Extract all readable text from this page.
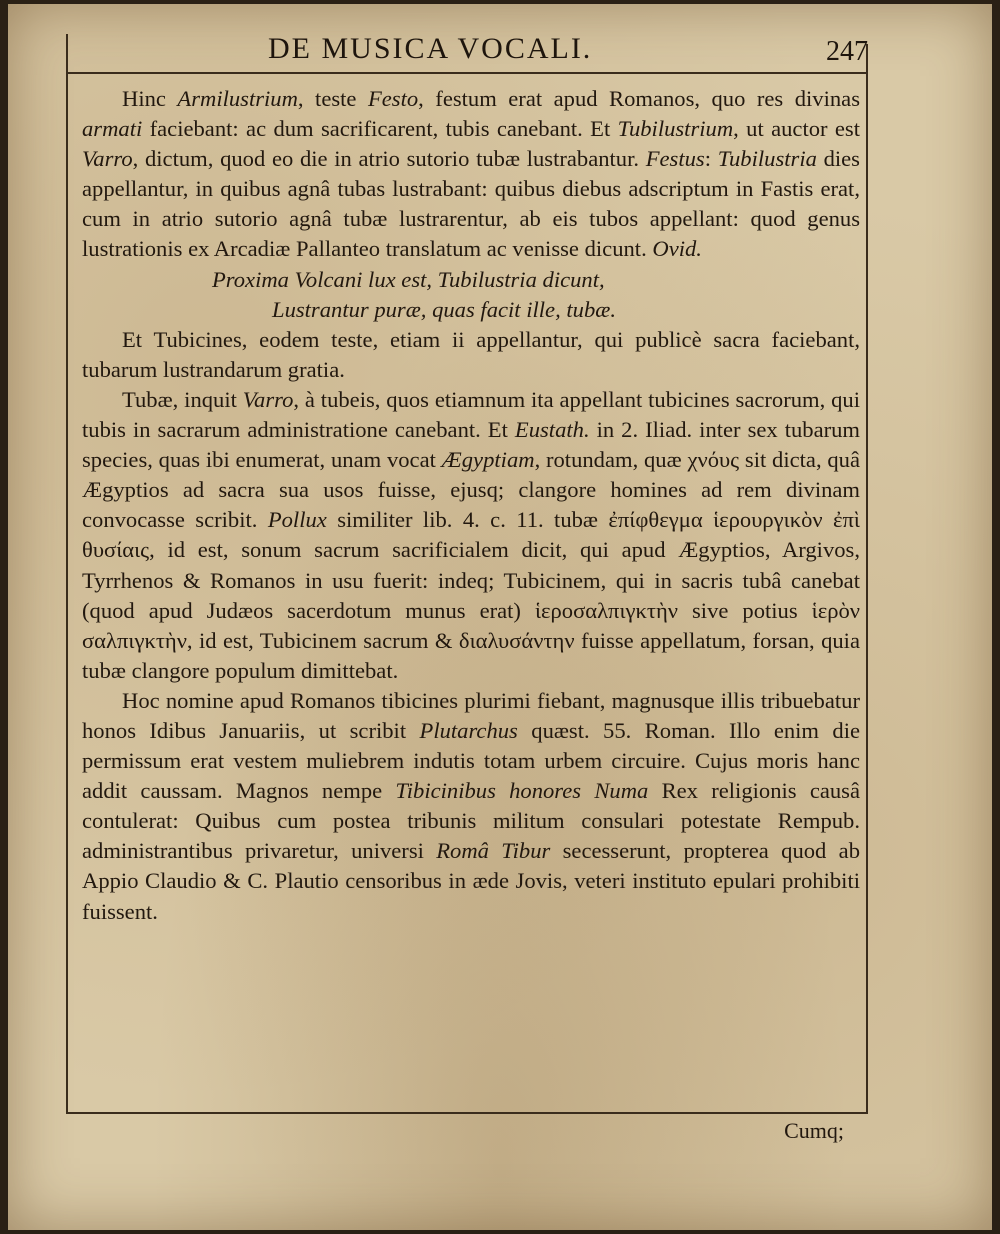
DE MUSICA VOCALI.	247

Hinc Armilustrium, teste Festo, festum erat apud Romanos, quo res divinas armati faciebant: ac dum sacrificarent, tubis canebant. Et Tubilustrium, ut auctor est Varro, dictum, quod eo die in atrio sutorio tubæ lustrabantur. Festus: Tubilustria dies appellantur, in quibus agnâ tubas lustrabant: quibus diebus adscriptum in Fastis erat, cum in atrio sutorio agnâ tubæ lustrarentur, ab eis tubos appellant: quod genus lustrationis ex Arcadiæ Pallanteo translatum ac venisse dicunt. Ovid.

Proxima Volcani lux est, Tubilustria dicunt,

Lustrantur puræ, quas facit ille, tubæ.

Et Tubicines, eodem teste, etiam ii appellantur, qui publicè sacra faciebant, tubarum lustrandarum gratia.

Tubæ, inquit Varro, à tubeis, quos etiamnum ita appellant tubicines sacrorum, qui tubis in sacrarum administratione canebant. Et Eustath. in 2. Iliad. inter sex tubarum species, quas ibi enumerat, unam vocat Ægyptiam, rotundam, quæ χνόυς sit dicta, quâ Ægyptios ad sacra sua usos fuisse, ejusq; clangore homines ad rem divinam convocasse scribit. Pollux similiter lib. 4. c. 11. tubæ ἐπίφθεγμα ἱερουργικὸν ἐπὶ θυσίαις, id est, sonum sacrum sacrificialem dicit, qui apud Ægyptios, Argivos, Tyrrhenos & Romanos in usu fuerit: indeq; Tubicinem, qui in sacris tubâ canebat (quod apud Judæos sacerdotum munus erat) ἱεροσαλπιγκτὴν sive potius ἱερὸν σαλπιγκτὴν, id est, Tubicinem sacrum & διαλυσάντην fuisse appellatum, forsan, quia tubæ clangore populum dimittebat.

Hoc nomine apud Romanos tibicines plurimi fiebant, magnusque illis tribuebatur honos Idibus Januariis, ut scribit Plutarchus quæst. 55. Roman. Illo enim die permissum erat vestem muliebrem indutis totam urbem circuire. Cujus moris hanc addit caussam. Magnos nempe Tibicinibus honores Numa Rex religionis causâ contulerat: Quibus cum postea tribunis militum consulari potestate Rempub. administrantibus privaretur, universi Româ Tibur secesserunt, propterea quod ab Appio Claudio & C. Plautio censoribus in æde Jovis, veteri instituto epulari prohibiti fuissent.

Cumq;
